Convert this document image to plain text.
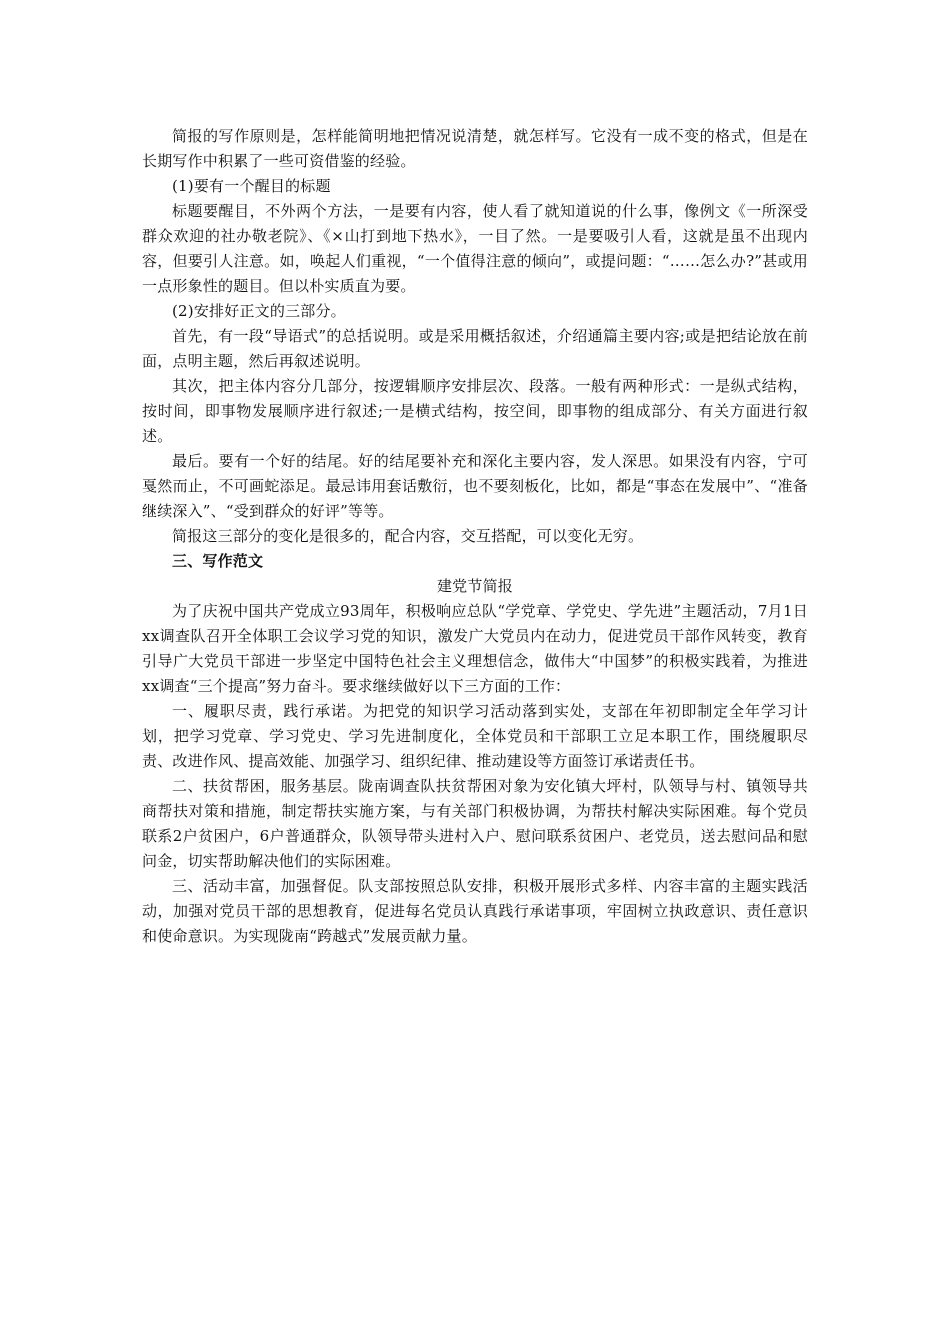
简报的写作原则是，怎样能简明地把情况说清楚，就怎样写。它没有一成不变的格式，但是在长期写作中积累了一些可资借鉴的经验。

(1)要有一个醒目的标题

标题要醒目，不外两个方法，一是要有内容，使人看了就知道说的什么事，像例文《一所深受群众欢迎的社办敬老院》、《×山打到地下热水》，一目了然。一是要吸引人看，这就是虽不出现内容，但要引人注意。如，唤起人们重视，“一个值得注意的倾向”，或提问题：“……怎么办?”甚或用一点形象性的题目。但以朴实质直为要。

(2)安排好正文的三部分。

首先，有一段“导语式”的总括说明。或是采用概括叙述，介绍通篇主要内容;或是把结论放在前面，点明主题，然后再叙述说明。

其次，把主体内容分几部分，按逻辑顺序安排层次、段落。一般有两种形式：一是纵式结构，按时间，即事物发展顺序进行叙述;一是横式结构，按空间，即事物的组成部分、有关方面进行叙述。

最后。要有一个好的结尾。好的结尾要补充和深化主要内容，发人深思。如果没有内容，宁可戛然而止，不可画蛇添足。最忌讳用套话敷衍，也不要刻板化，比如，都是“事态在发展中”、“准备继续深入”、“受到群众的好评”等等。

简报这三部分的变化是很多的，配合内容，交互搭配，可以变化无穷。

三、写作范文

建党节简报

为了庆祝中国共产党成立93周年，积极响应总队“学党章、学党史、学先进”主题活动，7月1日xx调查队召开全体职工会议学习党的知识，激发广大党员内在动力，促进党员干部作风转变，教育引导广大党员干部进一步坚定中国特色社会主义理想信念，做伟大“中国梦”的积极实践着，为推进xx调查“三个提高”努力奋斗。要求继续做好以下三方面的工作：

一、履职尽责，践行承诺。为把党的知识学习活动落到实处，支部在年初即制定全年学习计划，把学习党章、学习党史、学习先进制度化，全体党员和干部职工立足本职工作，围绕履职尽责、改进作风、提高效能、加强学习、组织纪律、推动建设等方面签订承诺责任书。

二、扶贫帮困，服务基层。陇南调查队扶贫帮困对象为安化镇大坪村，队领导与村、镇领导共商帮扶对策和措施，制定帮扶实施方案，与有关部门积极协调，为帮扶村解决实际困难。每个党员联系2户贫困户，6户普通群众，队领导带头进村入户、慰问联系贫困户、老党员，送去慰问品和慰问金，切实帮助解决他们的实际困难。

三、活动丰富，加强督促。队支部按照总队安排，积极开展形式多样、内容丰富的主题实践活动，加强对党员干部的思想教育，促进每名党员认真践行承诺事项，牢固树立执政意识、责任意识和使命意识。为实现陇南“跨越式”发展贡献力量。
